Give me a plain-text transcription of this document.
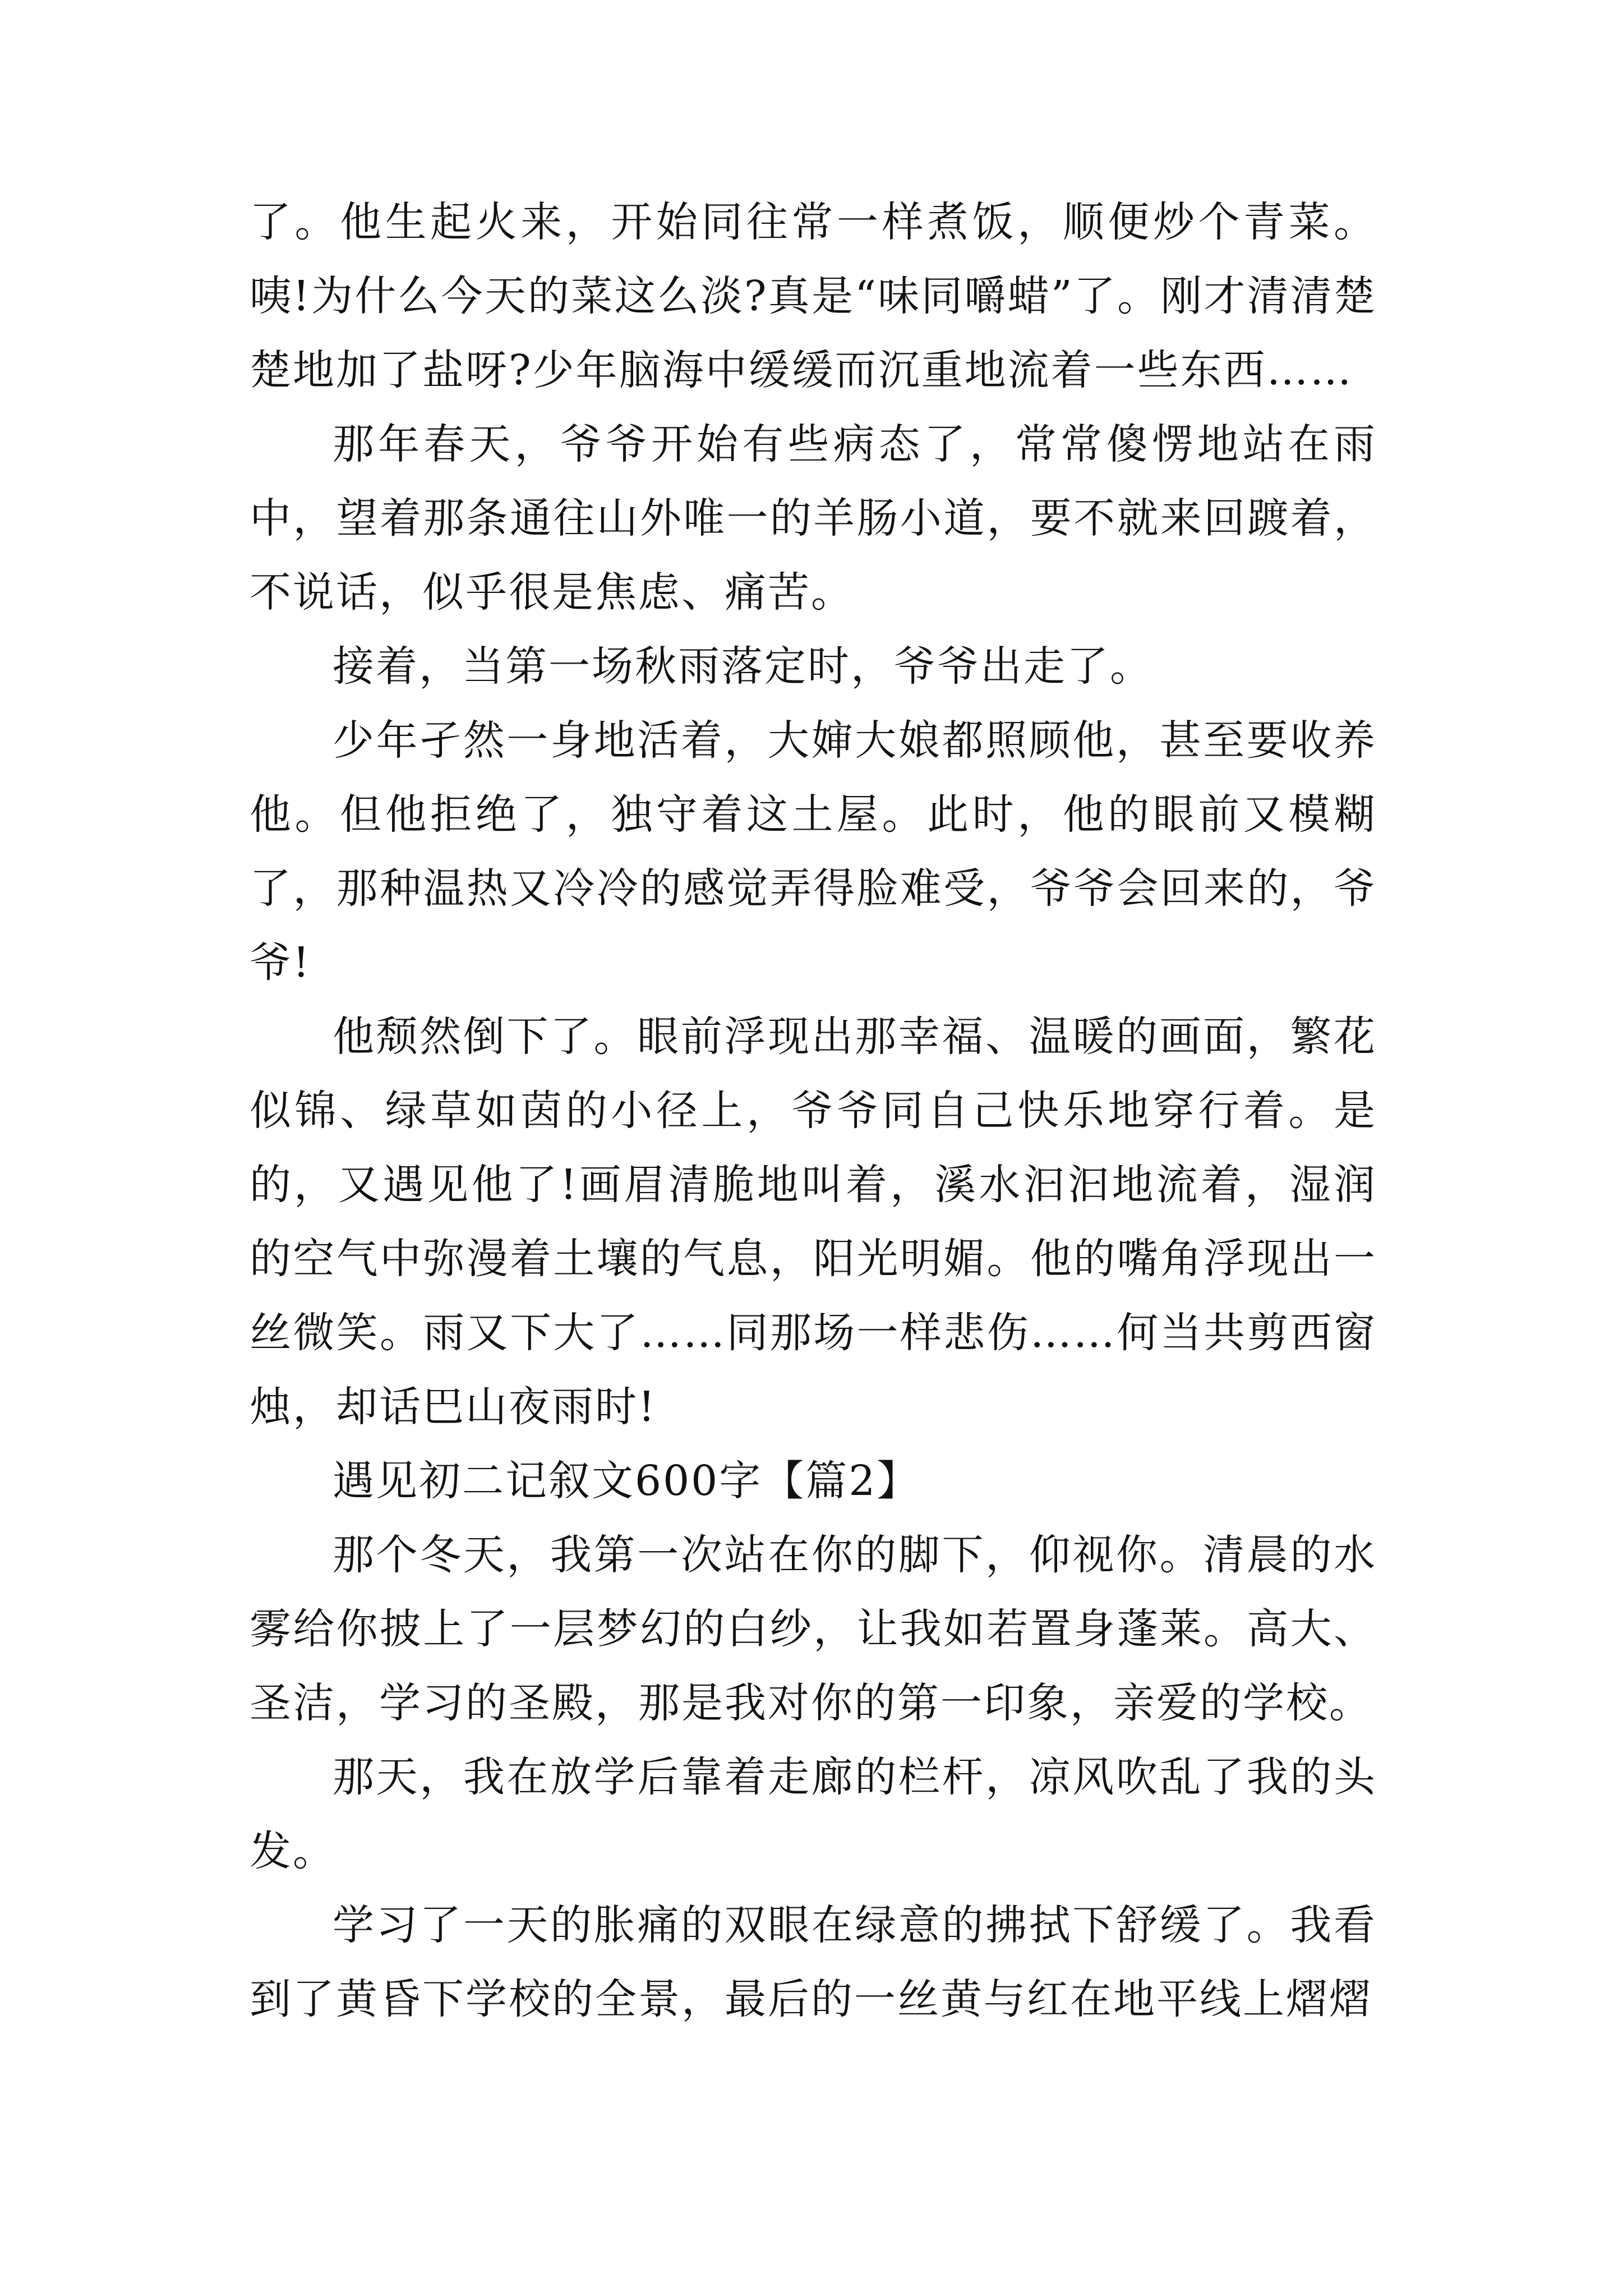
了。他生起火来，开始同往常一样煮饭，顺便炒个青菜。咦!为什么今天的菜这么淡?真是“味同嚼蜡”了。刚才清清楚楚地加了盐呀?少年脑海中缓缓而沉重地流着一些东西……

那年春天，爷爷开始有些病态了，常常傻愣地站在雨中，望着那条通往山外唯一的羊肠小道，要不就来回踱着，不说话，似乎很是焦虑、痛苦。

接着，当第一场秋雨落定时，爷爷出走了。

少年孑然一身地活着，大婶大娘都照顾他，甚至要收养他。但他拒绝了，独守着这土屋。此时，他的眼前又模糊了，那种温热又冷冷的感觉弄得脸难受，爷爷会回来的，爷爷!

他颓然倒下了。眼前浮现出那幸福、温暖的画面，繁花似锦、绿草如茵的小径上，爷爷同自己快乐地穿行着。是的，又遇见他了!画眉清脆地叫着，溪水汩汩地流着，湿润的空气中弥漫着土壤的气息，阳光明媚。他的嘴角浮现出一丝微笑。雨又下大了……同那场一样悲伤……何当共剪西窗烛，却话巴山夜雨时!

遇见初二记叙文600字【篇2】

那个冬天，我第一次站在你的脚下，仰视你。清晨的水雾给你披上了一层梦幻的白纱，让我如若置身蓬莱。高大、圣洁，学习的圣殿，那是我对你的第一印象，亲爱的学校。

那天，我在放学后靠着走廊的栏杆，凉风吹乱了我的头发。

学习了一天的胀痛的双眼在绿意的拂拭下舒缓了。我看到了黄昏下学校的全景，最后的一丝黄与红在地平线上熠熠
